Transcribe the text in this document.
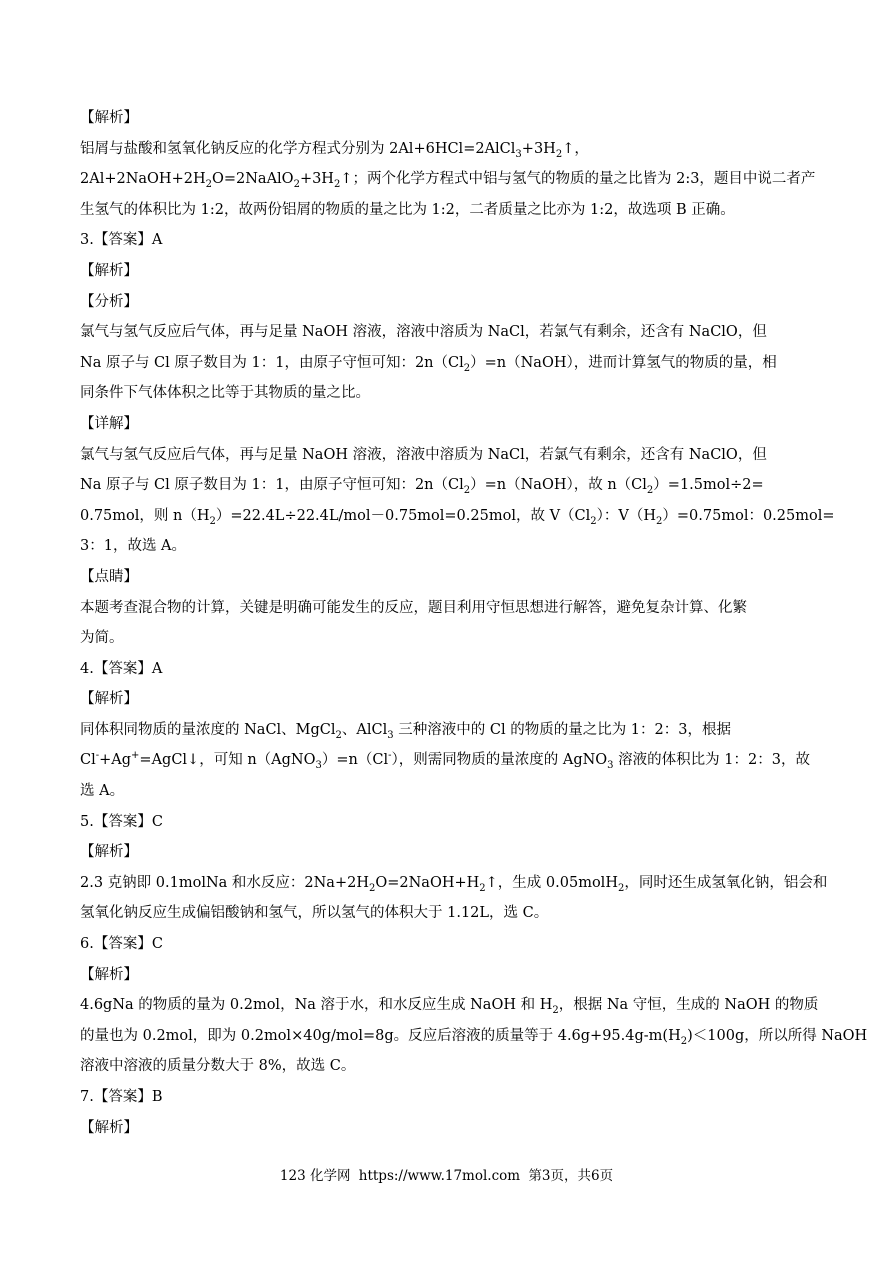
【解析】
铝屑与盐酸和氢氧化钠反应的化学方程式分别为 $2Al+6HCl=2AlCl_3+3H_2↑$，
$2Al+2NaOH+2H_2O=2NaAlO_2+3H_2↑$；两个化学方程式中铝与氢气的物质的量之比皆为 2:3，题目中说二者产
生氢气的体积比为 1:2，故两份铝屑的物质的量之比为 1:2，二者质量之比亦为 1:2，故选项 B 正确。
3.【答案】A
【解析】
【分析】
氯气与氢气反应后气体，再与足量 NaOH 溶液，溶液中溶质为 NaCl，若氯气有剩余，还含有 NaClO，但
Na 原子与 Cl 原子数目为 1：1，由原子守恒可知：$2n(Cl_2)=n(NaOH)$，进而计算氢气的物质的量，相
同条件下气体体积之比等于其物质的量之比。
【详解】
氯气与氢气反应后气体，再与足量 NaOH 溶液，溶液中溶质为 NaCl，若氯气有剩余，还含有 NaClO，但
Na 原子与 Cl 原子数目为 1：1，由原子守恒可知：$2n(Cl_2)=n(NaOH)$，故 $n(Cl_2)=1.5mol\div 2=$
0.75mol，则 $n(H_2)=22.4L\div 22.4L/mol-0.75mol=0.25mol$，故 $V(Cl_2)$：$V(H_2)=0.75mol$：0.25mol=
3：1，故选 A。
【点睛】
本题考查混合物的计算，关键是明确可能发生的反应，题目利用守恒思想进行解答，避免复杂计算、化繁
为简。
4.【答案】A
【解析】
同体积同物质的量浓度的 NaCl、MgCl$_2$、AlCl$_3$ 三种溶液中的 Cl 的物质的量之比为 1：2：3，根据
Cl-+Ag+=AgCl↓，可知 n（AgNO$_3$）=n（Cl-），则需同物质的量浓度的 AgNO$_3$ 溶液的体积比为 1：2：3，故
选 A。
5.【答案】C
【解析】
2.3 克钠即 0.1molNa 和水反应：$2Na+2H_2O=2NaOH+H_2↑$，生成 0.05molH$_2$，同时还生成氢氧化钠，铝会和
氢氧化钠反应生成偏铝酸钠和氢气，所以氢气的体积大于 1.12L，选 C。
6.【答案】C
【解析】
4.6gNa 的物质的量为 0.2mol，Na 溶于水，和水反应生成 NaOH 和 $H_2$，根据 Na 守恒，生成的 NaOH 的物质
的量也为 0.2mol，即为 0.2mol×40g/mol=8g。反应后溶液的质量等于 $4.6g+95.4g-m(H_2)<100g$，所以所得 NaOH
溶液中溶液的质量分数大于 8%，故选 C。
7.【答案】B
【解析】
123 化学网 https://www.17mol.com 第3页，共6页
